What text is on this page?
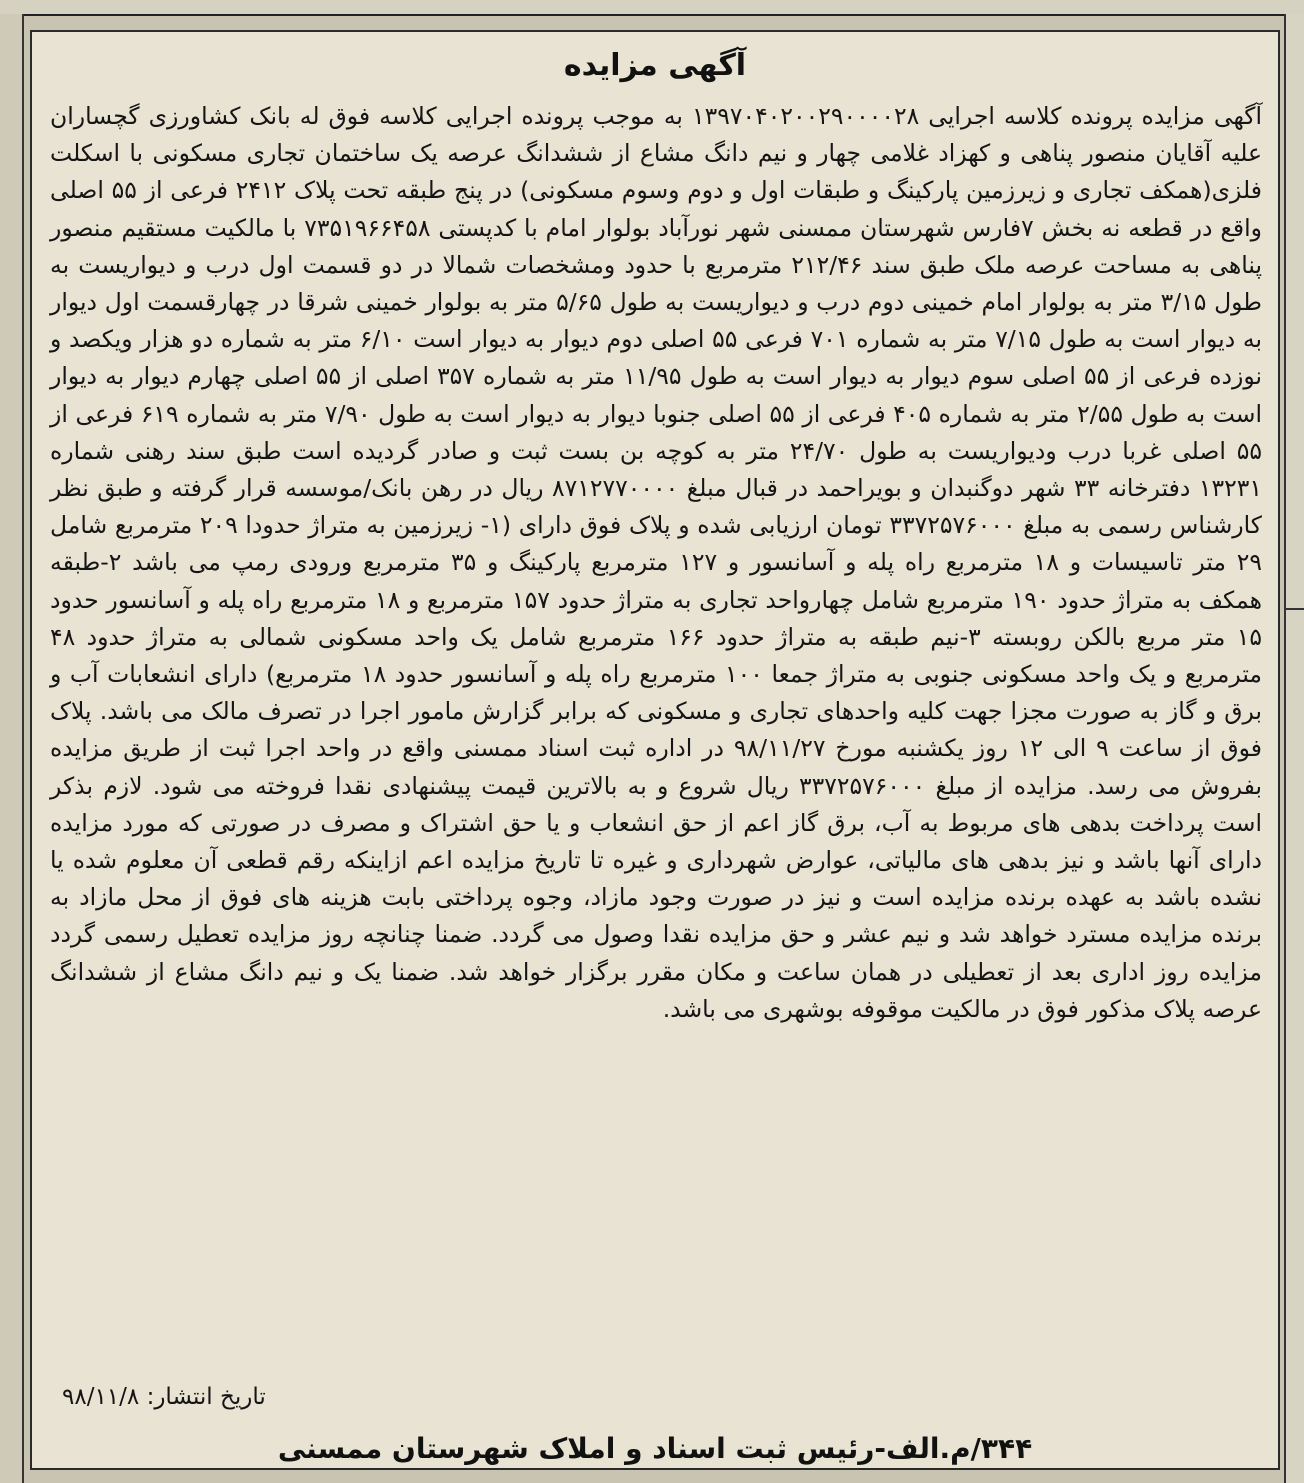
آگهی مزایده
آگهی مزایده پرونده کلاسه اجرایی ۱۳۹۷۰۴۰۲۰۰۲۹۰۰۰۰۲۸ به موجب پرونده اجرایی کلاسه فوق له بانک کشاورزی گچساران علیه آقایان منصور پناهی و کهزاد غلامی چهار و نیم دانگ مشاع از ششدانگ عرصه یک ساختمان تجاری مسکونی با اسکلت فلزی(همکف تجاری و زیرزمین پارکینگ و طبقات اول و دوم وسوم مسکونی) در پنج طبقه تحت پلاک ۲۴۱۲ فرعی از ۵۵ اصلی واقع در قطعه نه بخش ۷فارس شهرستان ممسنی شهر نورآباد بولوار امام با کدپستی ۷۳۵۱۹۶۶۴۵۸ با مالکیت مستقیم منصور پناهی به مساحت عرصه ملک طبق سند ۲۱۲/۴۶ مترمربع با حدود ومشخصات شمالا در دو قسمت اول درب و دیواریست به طول ۳/۱۵ متر به بولوار امام خمینی دوم درب و دیواریست به طول ۵/۶۵ متر به بولوار خمینی شرقا در چهارقسمت اول دیوار به دیوار است به طول ۷/۱۵ متر به شماره ۷۰۱ فرعی ۵۵ اصلی دوم دیوار به دیوار است ۶/۱۰ متر به شماره دو هزار ویکصد و نوزده فرعی از ۵۵ اصلی سوم دیوار به دیوار است به طول ۱۱/۹۵ متر به شماره ۳۵۷ اصلی از ۵۵ اصلی چهارم دیوار به دیوار است به طول ۲/۵۵ متر به شماره ۴۰۵ فرعی از ۵۵ اصلی جنوبا دیوار به دیوار است به طول ۷/۹۰ متر به شماره ۶۱۹ فرعی از ۵۵ اصلی غربا درب ودیواریست به طول ۲۴/۷۰ متر به کوچه بن بست ثبت و صادر گردیده است طبق سند رهنی شماره ۱۳۲۳۱ دفترخانه ۳۳ شهر دوگنبدان و بویراحمد در قبال مبلغ ۸۷۱۲۷۷۰۰۰۰ ریال در رهن بانک/موسسه قرار گرفته و طبق نظر کارشناس رسمی به مبلغ ۳۳۷۲۵۷۶۰۰۰ تومان ارزیابی شده و پلاک فوق دارای (۱- زیرزمین به متراژ حدودا ۲۰۹ مترمربع شامل ۲۹ متر تاسیسات و ۱۸ مترمربع راه پله و آسانسور و ۱۲۷ مترمربع پارکینگ و ۳۵ مترمربع ورودی رمپ می باشد ۲-طبقه همکف به متراژ حدود ۱۹۰ مترمربع شامل چهارواحد تجاری به متراژ حدود ۱۵۷ مترمربع و ۱۸ مترمربع راه پله و آسانسور حدود ۱۵ متر مربع بالکن روبسته ۳-نیم طبقه به متراژ حدود ۱۶۶ مترمربع شامل یک واحد مسکونی شمالی به متراژ حدود ۴۸ مترمربع و یک واحد مسکونی جنوبی به متراژ جمعا ۱۰۰ مترمربع راه پله و آسانسور حدود ۱۸ مترمربع) دارای انشعابات آب و برق و گاز به صورت مجزا جهت کلیه واحدهای تجاری و مسکونی که برابر گزارش مامور اجرا در تصرف مالک می باشد. پلاک فوق از ساعت ۹ الی ۱۲ روز یکشنبه مورخ ۹۸/۱۱/۲۷ در اداره ثبت اسناد ممسنی واقع در واحد اجرا ثبت از طریق مزایده بفروش می رسد. مزایده از مبلغ ۳۳۷۲۵۷۶۰۰۰ ریال شروع و به بالاترین قیمت پیشنهادی نقدا فروخته می شود. لازم بذکر است پرداخت بدهی های مربوط به آب، برق گاز اعم از حق انشعاب و یا حق اشتراک و مصرف در صورتی که مورد مزایده دارای آنها باشد و نیز بدهی های مالیاتی، عوارض شهرداری و غیره تا تاریخ مزایده اعم ازاینکه رقم قطعی آن معلوم شده یا نشده باشد به عهده برنده مزایده است و نیز در صورت وجود مازاد، وجوه پرداختی بابت هزینه های فوق از محل مازاد به برنده مزایده مسترد خواهد شد و نیم عشر و حق مزایده نقدا وصول می گردد. ضمنا چنانچه روز مزایده تعطیل رسمی گردد مزایده روز اداری بعد از تعطیلی در همان ساعت و مکان مقرر برگزار خواهد شد. ضمنا یک و نیم دانگ مشاع از ششدانگ عرصه پلاک مذکور فوق در مالکیت موقوفه بوشهری می باشد.
تاریخ انتشار: ۹۸/۱۱/۸
۳۴۴/م.الف-رئیس ثبت اسناد و املاک شهرستان ممسنی
